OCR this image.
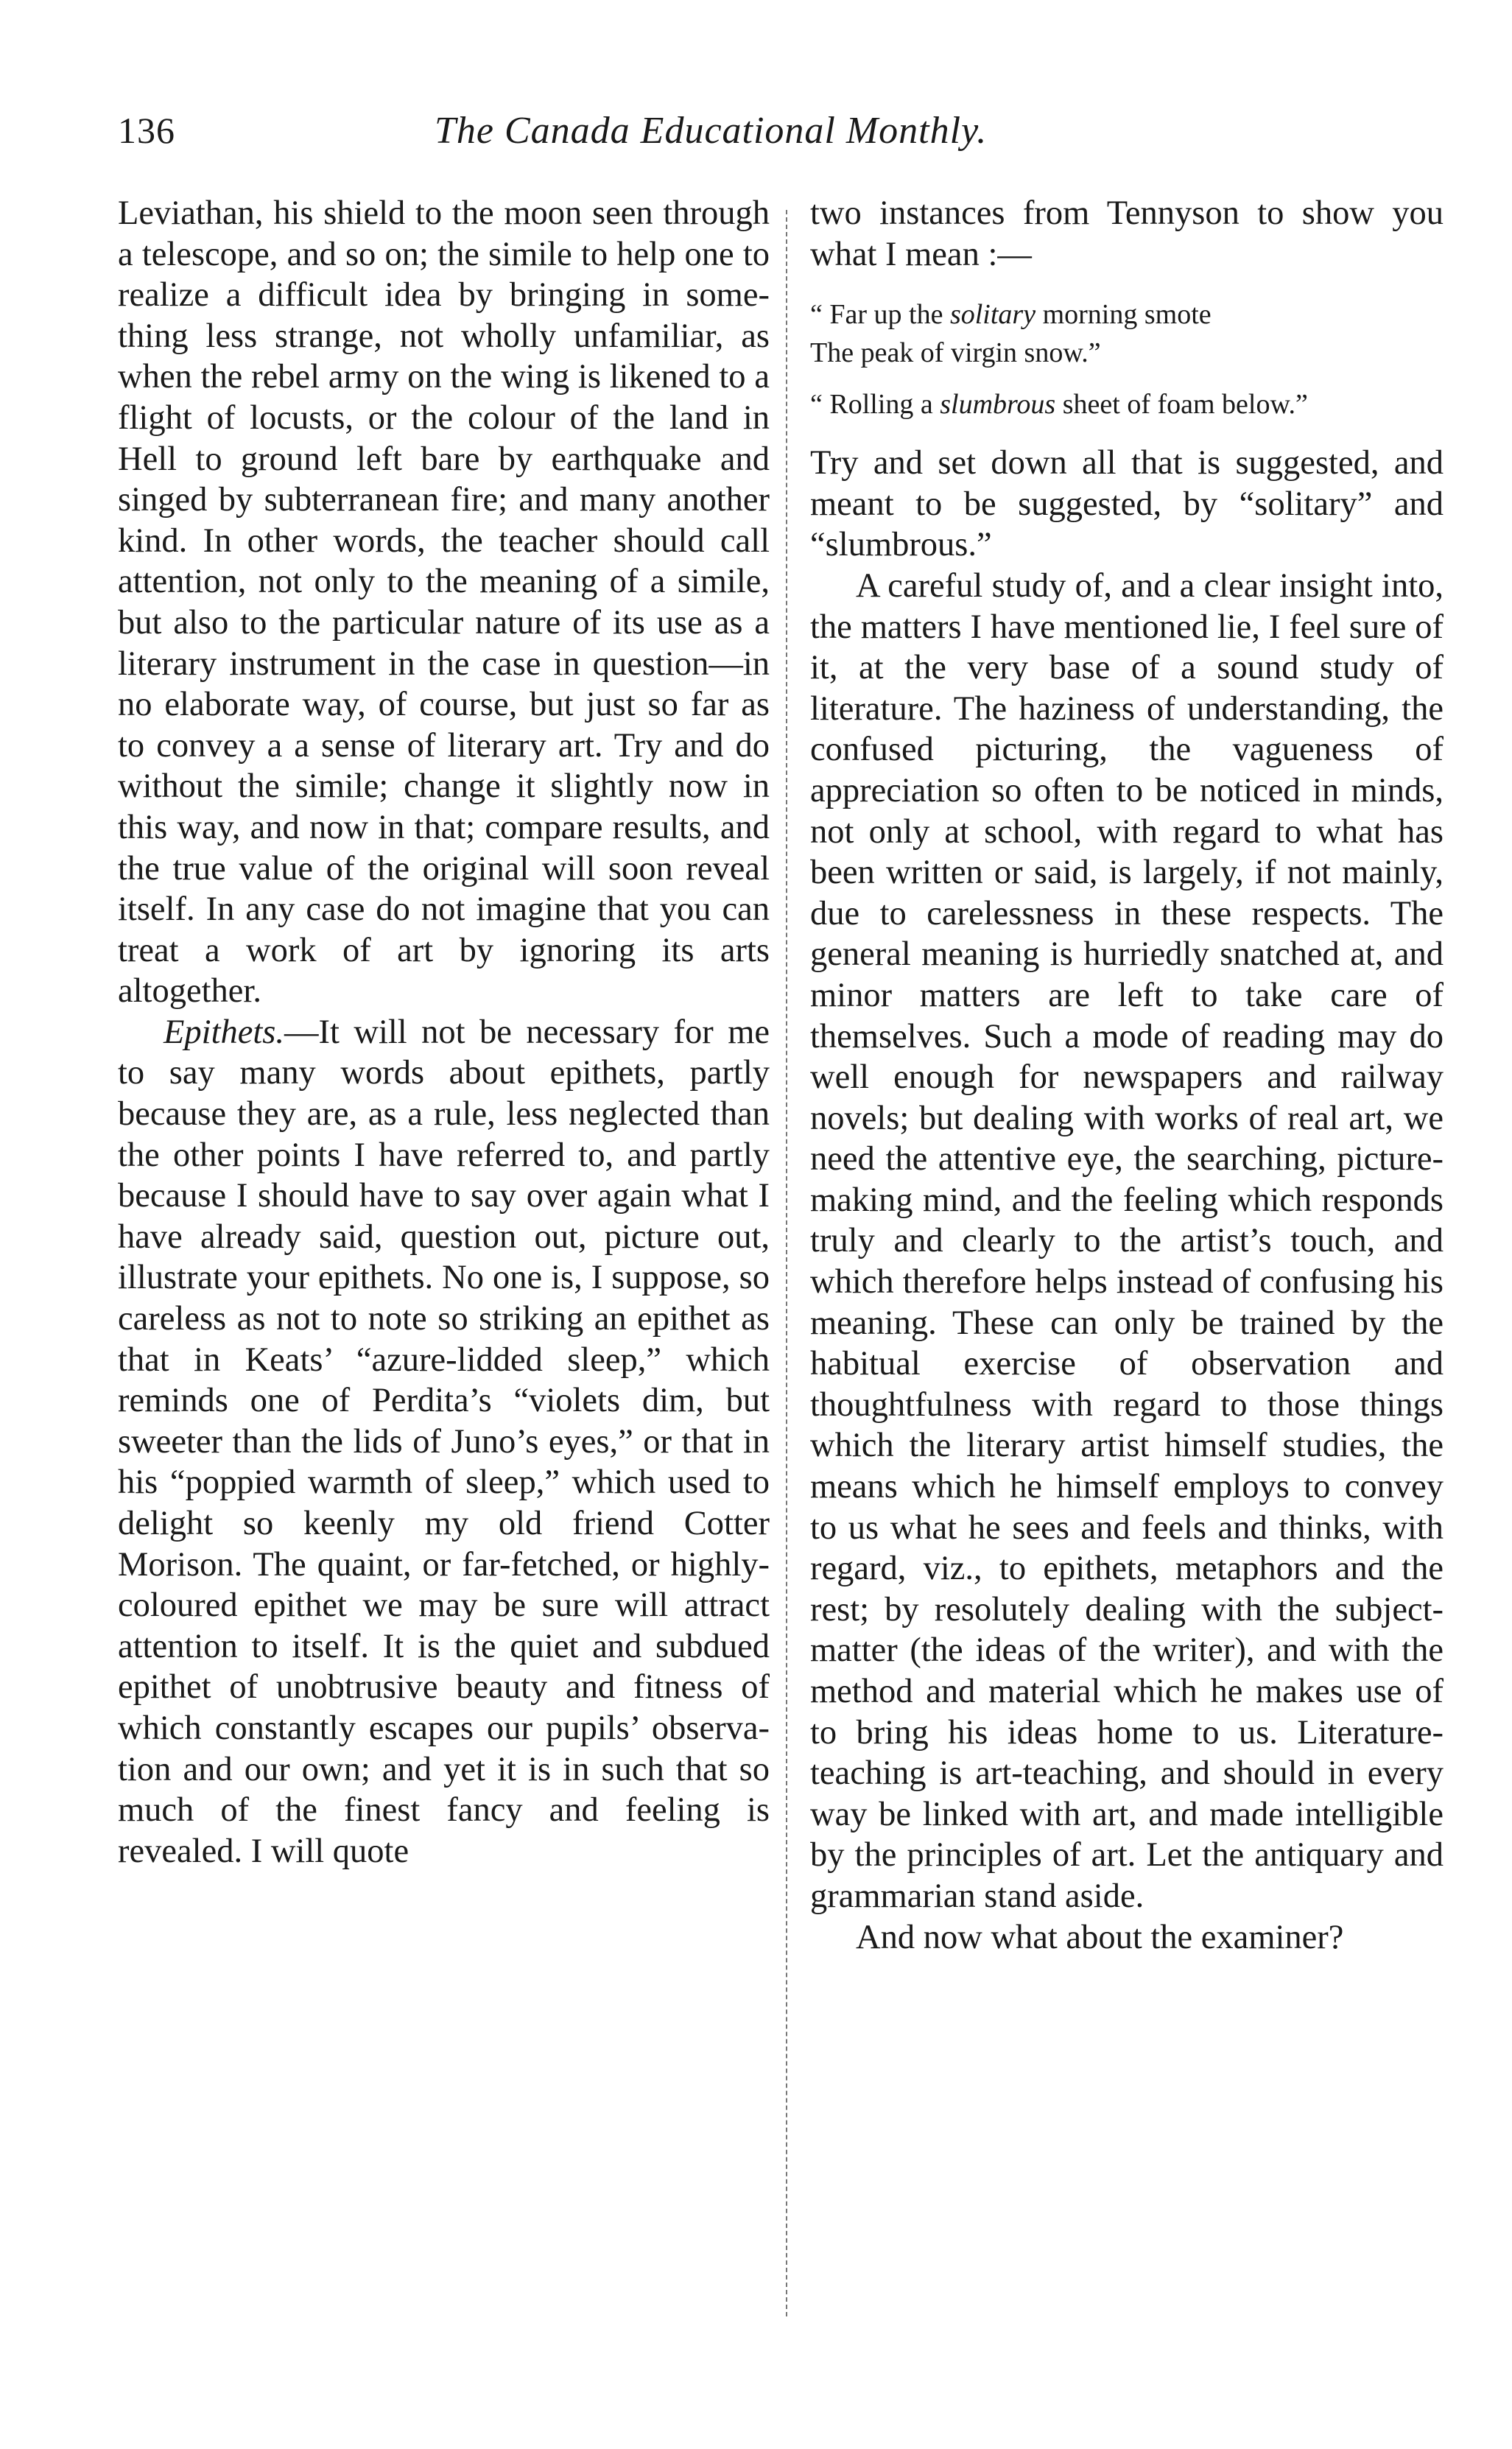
136	The Canada Educational Monthly.

Leviathan, his shield to the moon seen through a telescope, and so on; the simile to help one to realize a difficult idea by bringing in something less strange, not wholly unfamiliar, as when the rebel army on the wing is likened to a flight of locusts, or the colour of the land in Hell to ground left bare by earthquake and singed by subterranean fire; and many another kind. In other words, the teacher should call attention, not only to the meaning of a simile, but also to the particular nature of its use as a literary instrument in the case in question—in no elaborate way, of course, but just so far as to convey a a sense of literary art. Try and do without the simile; change it slightly now in this way, and now in that; compare results, and the true value of the original will soon reveal itself. In any case do not imagine that you can treat a work of art by ignoring its arts altogether.

Epithets.—It will not be necessary for me to say many words about epithets, partly because they are, as a rule, less neglected than the other points I have referred to, and partly because I should have to say over again what I have already said, question out, picture out, illustrate your epithets. No one is, I suppose, so careless as not to note so striking an epithet as that in Keats’ “azure-lidded sleep,” which reminds one of Perdita’s “violets dim, but sweeter than the lids of Juno’s eyes,” or that in his “poppied warmth of sleep,” which used to delight so keenly my old friend Cotter Morison. The quaint, or far-fetched, or highly-coloured epithet we may be sure will attract attention to itself. It is the quiet and subdued epithet of unobtrusive beauty and fitness of which constantly escapes our pupils’ observation and our own; and yet it is in such that so much of the finest fancy and feeling is revealed. I will quote

two instances from Tennyson to show you what I mean :—

“ Far up the solitary morning smote
The peak of virgin snow.”
“ Rolling a slumbrous sheet of foam below.”

Try and set down all that is suggested, and meant to be suggested, by “solitary” and “slumbrous.”

A careful study of, and a clear insight into, the matters I have mentioned lie, I feel sure of it, at the very base of a sound study of literature. The haziness of understanding, the confused picturing, the vagueness of appreciation so often to be noticed in minds, not only at school, with regard to what has been written or said, is largely, if not mainly, due to carelessness in these respects. The general meaning is hurriedly snatched at, and minor matters are left to take care of themselves. Such a mode of reading may do well enough for newspapers and railway novels; but dealing with works of real art, we need the attentive eye, the searching, picture-making mind, and the feeling which responds truly and clearly to the artist’s touch, and which therefore helps instead of confusing his meaning. These can only be trained by the habitual exercise of observation and thoughtfulness with regard to those things which the literary artist himself studies, the means which he himself employs to convey to us what he sees and feels and thinks, with regard, viz., to epithets, metaphors and the rest; by resolutely dealing with the subject-matter (the ideas of the writer), and with the method and material which he makes use of to bring his ideas home to us. Literature-teaching is art-teaching, and should in every way be linked with art, and made intelligible by the principles of art. Let the antiquary and grammarian stand aside.

And now what about the examiner?
